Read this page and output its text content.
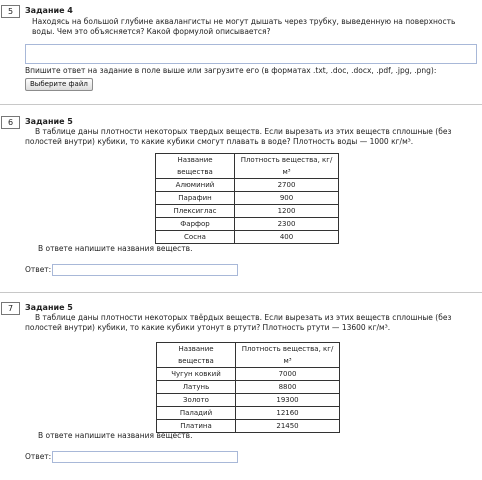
5	Задание 4
Находясь на большой глубине аквалангисты не могут дышать через трубку, выведенную на поверхность воды. Чем это объясняется? Какой формулой описывается?
Впишите ответ на задание в поле выше или загрузите его (в форматах .txt, .doc, .docx, .pdf, .jpg, .png):
Выберите файл
6	Задание 5
В таблице даны плотности некоторых твердых веществ. Если вырезать из этих веществ сплошные (без полостей внутри) кубики, то какие кубики смогут плавать в воде? Плотность воды — 1000 кг/м³.
Название вещества	Плотность вещества, кг/м³
Алюминий	2700
Парафин	900
Плексиглас	1200
Фарфор	2300
Сосна	400
В ответе напишите названия веществ.
Ответ:
7	Задание 5
В таблице даны плотности некоторых твёрдых веществ. Если вырезать из этих веществ сплошные (без полостей внутри) кубики, то какие кубики утонут в ртути? Плотность ртути — 13600 кг/м³.
Название вещества	Плотность вещества, кг/м³
Чугун ковкий	7000
Латунь	8800
Золото	19300
Паладий	12160
Платина	21450
В ответе напишите названия веществ.
Ответ:
